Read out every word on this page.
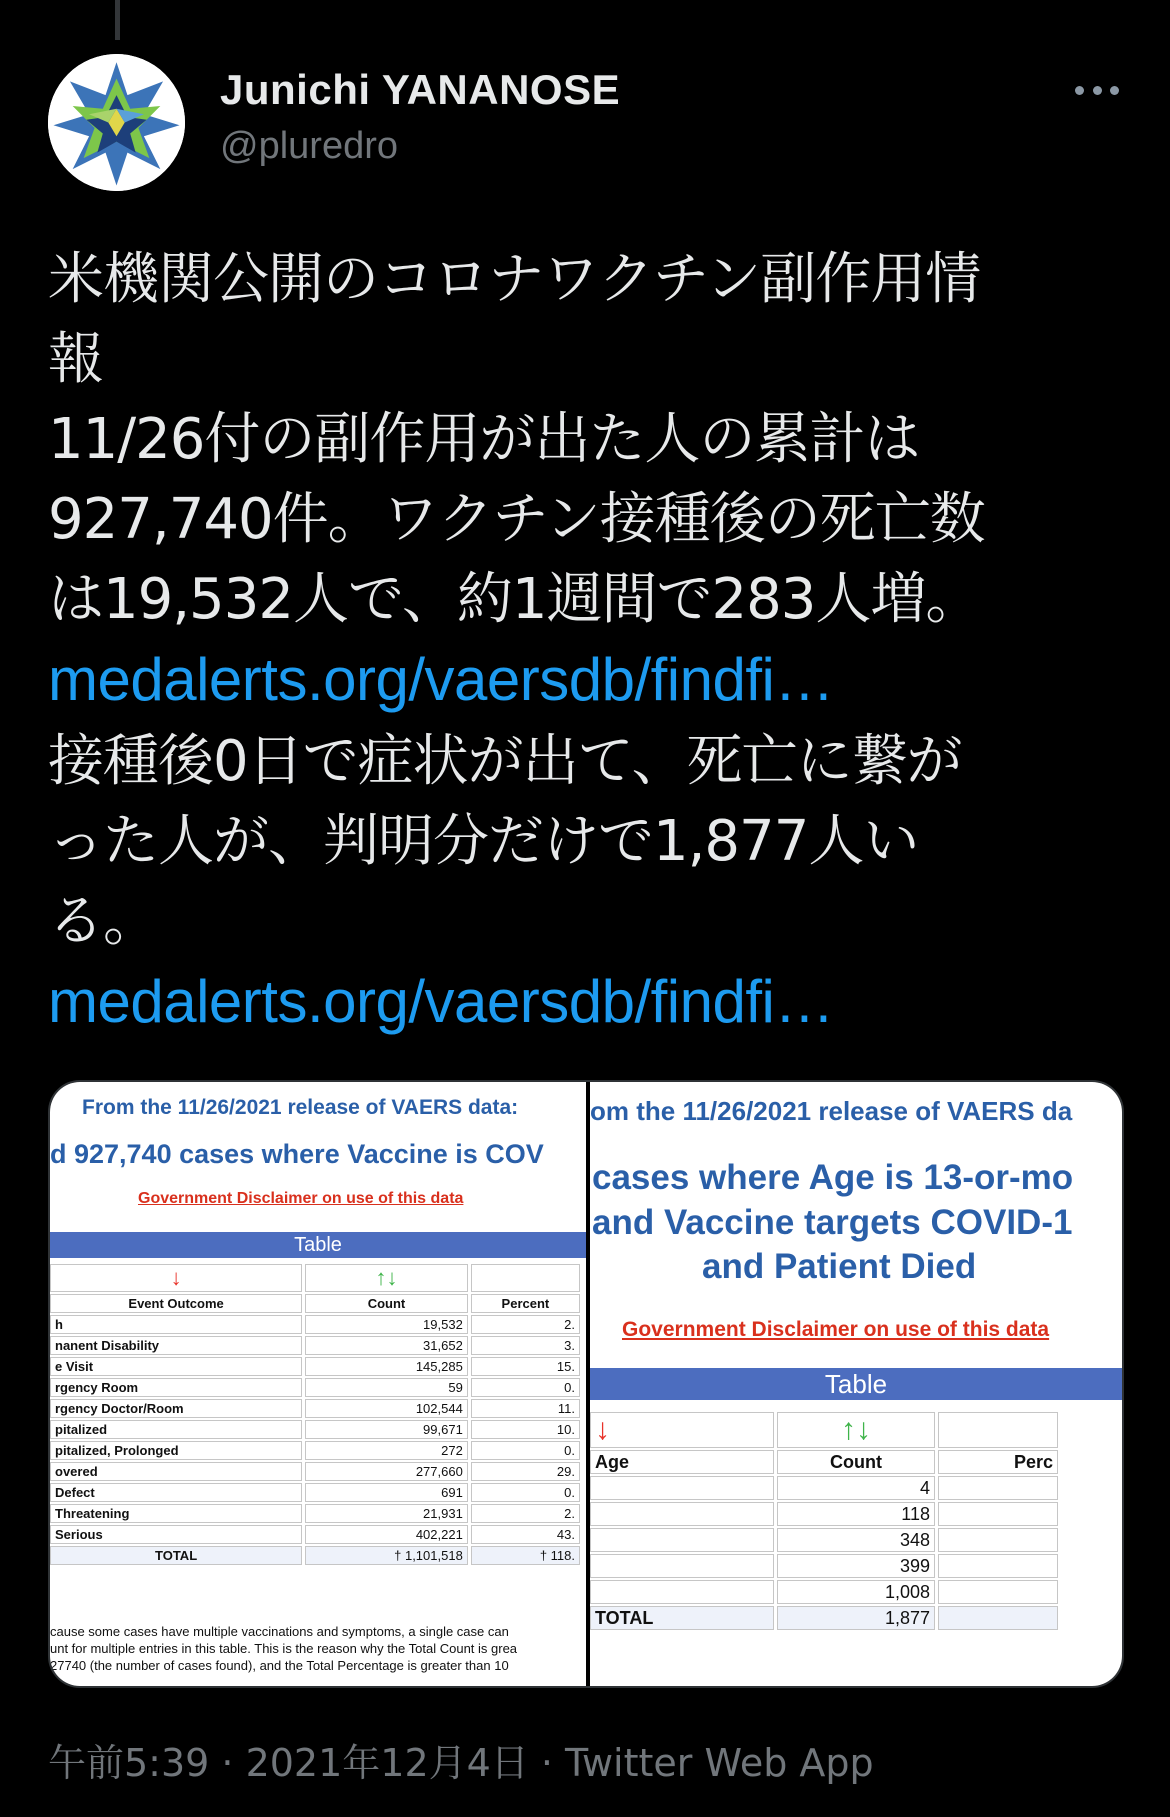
Junichi YANANOSE
@pluredro
米機関公開のコロナワクチン副作用情
報
11/26付の副作用が出た人の累計は
927,740件。ワクチン接種後の死亡数
は19,532人で、約1週間で283人増。
medalerts.org/vaersdb/findfi…
接種後0日で症状が出て、死亡に繋が
った人が、判明分だけで1,877人い
る。
medalerts.org/vaersdb/findfi…
From the 11/26/2021 release of VAERS data:
d 927,740 cases where Vaccine is COV
Government Disclaimer on use of this data
Table
↓	↑↓	
Event Outcome	Count	Percent
h	19,532	2.
nanent Disability	31,652	3.
e Visit	145,285	15.
rgency Room	59	0.
rgency Doctor/Room	102,544	11.
pitalized	99,671	10.
pitalized, Prolonged	272	0.
overed	277,660	29.
Defect	691	0.
Threatening	21,931	2.
Serious	402,221	43.
TOTAL	† 1,101,518	† 118.
cause some cases have multiple vaccinations and symptoms, a single case can
unt for multiple entries in this table. This is the reason why the Total Count is grea
27740 (the number of cases found), and the Total Percentage is greater than 10
om the 11/26/2021 release of VAERS da
cases where Age is 13-or-mo
and Vaccine targets COVID-1
and Patient Died
Government Disclaimer on use of this data
Table
↓	↑↓	
Age	Count	Perc
	4	
	118	
	348	
	399	
	1,008	
TOTAL	1,877	
午前5:39 · 2021年12月4日 · Twitter Web App
